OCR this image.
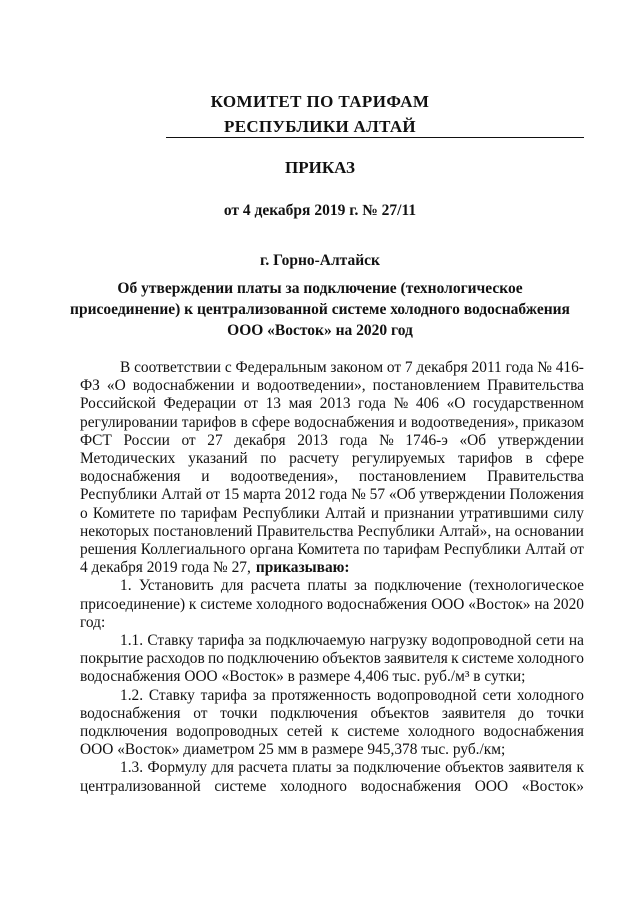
КОМИТЕТ ПО ТАРИФАМ
РЕСПУБЛИКИ АЛТАЙ
ПРИКАЗ
от 4 декабря 2019 г. № 27/11
г. Горно-Алтайск
Об утверждении платы за подключение (технологическое
присоединение) к централизованной системе холодного водоснабжения
ООО «Восток» на 2020 год
В соответствии с Федеральным законом от 7 декабря 2011 года № 416-
ФЗ «О водоснабжении и водоотведении», постановлением Правительства
Российской Федерации от 13 мая 2013 года № 406 «О государственном
регулировании тарифов в сфере водоснабжения и водоотведения», приказом
ФСТ России от 27 декабря 2013 года № 1746-э «Об утверждении
Методических указаний по расчету регулируемых тарифов в сфере
водоснабжения и водоотведения», постановлением Правительства
Республики Алтай от 15 марта 2012 года № 57 «Об утверждении Положения
о Комитете по тарифам Республики Алтай и признании утратившими силу
некоторых постановлений Правительства Республики Алтай», на основании
решения Коллегиального органа Комитета по тарифам Республики Алтай от
4 декабря 2019 года № 27, приказываю:
1. Установить для расчета платы за подключение (технологическое
присоединение) к системе холодного водоснабжения ООО «Восток» на 2020
год:
1.1. Ставку тарифа за подключаемую нагрузку водопроводной сети на
покрытие расходов по подключению объектов заявителя к системе холодного
водоснабжения ООО «Восток» в размере 4,406 тыс. руб./м³ в сутки;
1.2. Ставку тарифа за протяженность водопроводной сети холодного
водоснабжения от точки подключения объектов заявителя до точки
подключения водопроводных сетей к системе холодного водоснабжения
ООО «Восток» диаметром 25 мм в размере 945,378 тыс. руб./км;
1.3. Формулу для расчета платы за подключение объектов заявителя к
централизованной системе холодного водоснабжения ООО «Восток»
